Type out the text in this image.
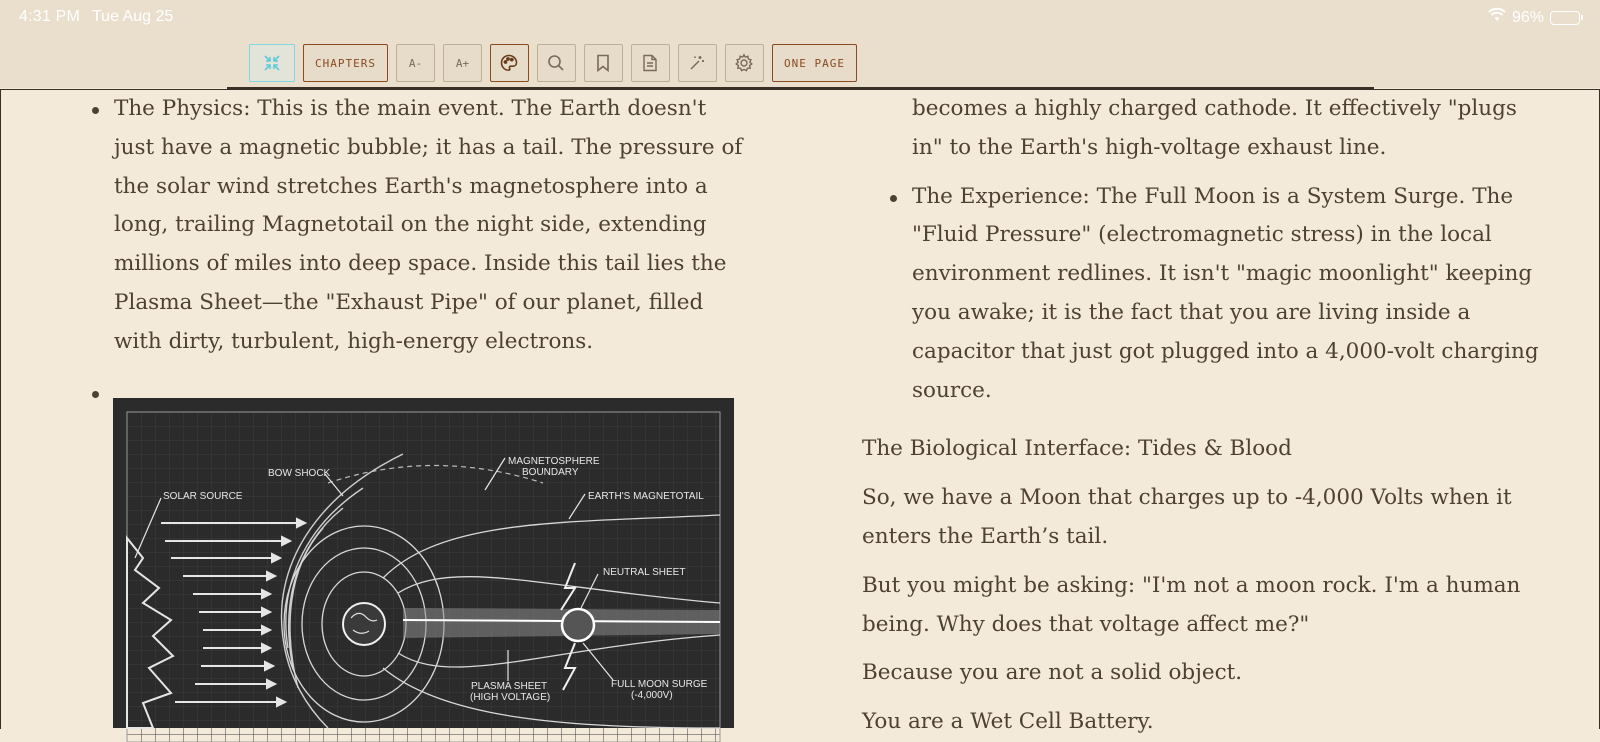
4:31 PM Tue Aug 25	96%
CHAPTERS	A-	A+	ONE PAGE
The Physics: This is the main event. The Earth doesn't just have a magnetic bubble; it has a tail. The pressure of the solar wind stretches Earth's magnetosphere into a long, trailing Magnetotail on the night side, extending millions of miles into deep space. Inside this tail lies the Plasma Sheet—the "Exhaust Pipe" of our planet, filled with dirty, turbulent, high-energy electrons.
SOLAR SOURCE
BOW SHOCK
MAGNETOSPHERE
BOUNDARY
EARTH'S MAGNETOTAIL
NEUTRAL SHEET
PLASMA SHEET
(HIGH VOLTAGE)
FULL MOON SURGE
(-4,000V)
becomes a highly charged cathode. It effectively "plugs in" to the Earth's high-voltage exhaust line.
The Experience: The Full Moon is a System Surge. The "Fluid Pressure" (electromagnetic stress) in the local environment redlines. It isn't "magic moonlight" keeping you awake; it is the fact that you are living inside a capacitor that just got plugged into a 4,000-volt charging source.
The Biological Interface: Tides & Blood
So, we have a Moon that charges up to -4,000 Volts when it enters the Earth’s tail.
But you might be asking: "I'm not a moon rock. I'm a human being. Why does that voltage affect me?"
Because you are not a solid object.
You are a Wet Cell Battery.
